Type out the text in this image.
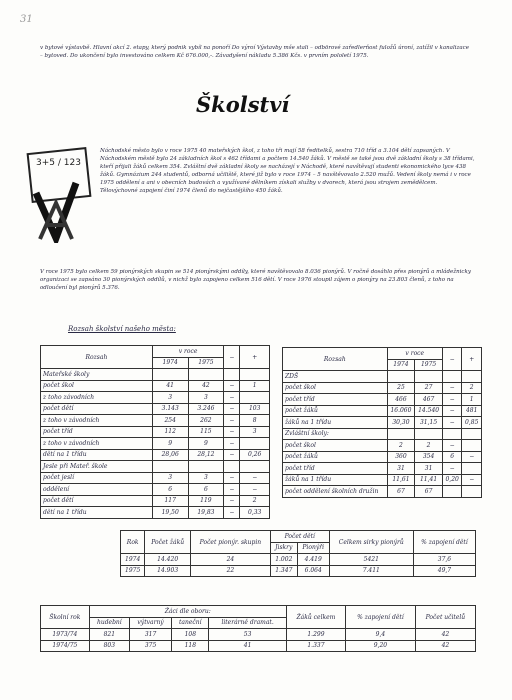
31
v bytové výstavbě. Hlavní akcí 2. etapy, který podnik vybíl na ponoří Do výroí Výstavby mše stali – odbörové zaředlerňost fuložů úroní, zatížil v kanalizace – bytoved. Do ukončení bylo investováno celkem Kč 676.000,-. Závadyšení nákladu 5.386 Kčs. v prvním pololetí 1975.
Školství
3+5 / 123
Náchodské město bylo v roce 1975 40 mateřských škol, z toho tři mají 58 ředitelků, sestra 710 tříd a 3.104 dětí zapsaných. V Náchodském městě bylo 24 základních škol s 462 třídami a počtem 14.540 žáků. V městě se také jsou dvě základní školy s 38 třídami, kteří přijali žáků celkem 354. Zvláštní dvě základní školy se nacházejí v Náchodě, které navštěvují studenti ekonomického lyce 438 žáků. Gymnázium 244 studentů, odborná učiliště, které již bylo v roce 1974 – 5 navštěvovalo 2.520 mužů. Vedení školy nemá i v roce 1975 oddělení a ani v obecních budovách a využívané dělníkem získali služby v dvorech, která jsou strojem zemědělcem. Tělovýchovné zapojení činí 1974 členů do nejčastějšího 450 žáků.
V roce 1975 bylo celkem 59 pionýrských skupin se 514 pionýrskými oddíly, které navštěvovalo 8.036 pionýrů. V ročně dosáhlo přes pionýrů a mládežnicky organizaci se zapsáno 30 pionýrských oddílů, v nichž bylo zapojeno celkem 516 dětí. V roce 1976 stoupil zájem o pionýry na 23.803 členů, z toho na odloučení byl pionýrů 5.376.
Rozsah školství našeho města:
Rozsah	v roce		−	+
	1974	1975		
Mateřské školy				
počet škol	41	42	−	1
z toho závodních	3	3	−	
počet dětí	3.143	3.246	−	103
z toho v závodních	254	262	−	8
počet tříd	112	115	−	3
z toho v závodních	9	9	−	
dětí na 1 třídu	28,06	28,12	−	0,26
Jesle při Mateř. škole				
počet jeslí	3	3	−	−
oddělení	6	6	−	−
počet dětí	117	119	−	2
dětí na 1 třídu	19,50	19,83	−	0,33
Rozsah	v roce		−	+
	1974	1975		
ZDŠ				
počet škol	25	27	−	2
počet tříd	466	467	−	1
počet žáků	16.060	14.540	−	481
žáků na 1 třídu	30,30	31,15	−	0,85
Zvláštní školy:				
počet škol	2	2	−	
počet žáků	360	354	6	−
počet tříd	31	31	−	
žáků na 1 třídu	11,61	11,41	0,20	−
počet oddělení školních družin	67	67		
Rok	Počet žáků	Počet pionýr. skupin	Počet dětí		Celkem sirky pionýrů	% zapojení dětí
			Jiskry	Pionýři		
1974	14.420	24	1.002	4.419	5421	37,6
1975	14.903	22	1.347	6.064	7.411	49,7
Školní rok	Žáci dle oboru:				Žáků celkem	% zapojení dětí	Počet učitelů
	hudební	výtvarný	taneční	literárně dramat.			
1973/74	821	317	108	53	1.299	9,4	42
1974/75	803	375	118	41	1.337	9,20	42
